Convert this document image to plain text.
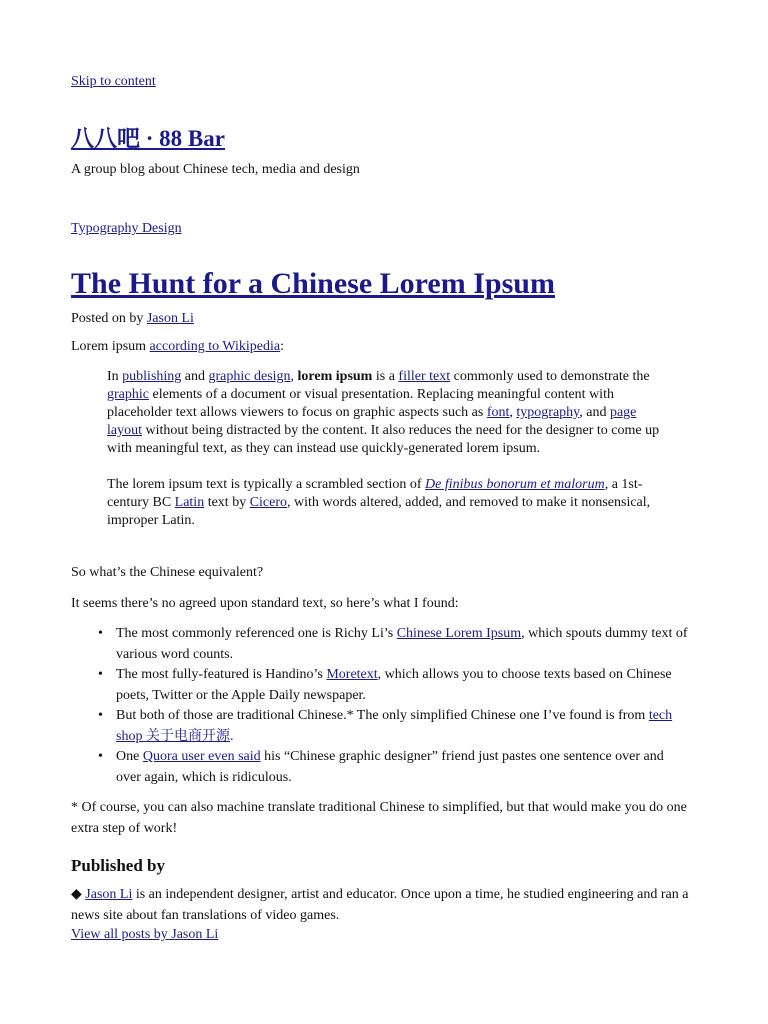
Skip to content
八八吧 · 88 Bar

A group blog about Chinese tech, media and design

Typography Design
The Hunt for a Chinese Lorem Ipsum

Posted on by Jason Li

Lorem ipsum according to Wikipedia:

In publishing and graphic design, lorem ipsum is a filler text commonly used to demonstrate the graphic elements of a document or visual presentation. Replacing meaningful content with placeholder text allows viewers to focus on graphic aspects such as font, typography, and page layout without being distracted by the content. It also reduces the need for the designer to come up with meaningful text, as they can instead use quickly-generated lorem ipsum.

The lorem ipsum text is typically a scrambled section of De finibus bonorum et malorum, a 1st-century BC Latin text by Cicero, with words altered, added, and removed to make it nonsensical, improper Latin.

So what’s the Chinese equivalent?

It seems there’s no agreed upon standard text, so here’s what I found:

• The most commonly referenced one is Richy Li’s Chinese Lorem Ipsum, which spouts dummy text of various word counts.
• The most fully-featured is Handino’s Moretext, which allows you to choose texts based on Chinese poets, Twitter or the Apple Daily newspaper.
• But both of those are traditional Chinese.* The only simplified Chinese one I’ve found is from tech shop 关于电商开源.
• One Quora user even said his “Chinese graphic designer” friend just pastes one sentence over and over again, which is ridiculous.

* Of course, you can also machine translate traditional Chinese to simplified, but that would make you do one extra step of work!

Published by

◆ Jason Li is an independent designer, artist and educator. Once upon a time, he studied engineering and ran a news site about fan translations of video games.

View all posts by Jason Li
